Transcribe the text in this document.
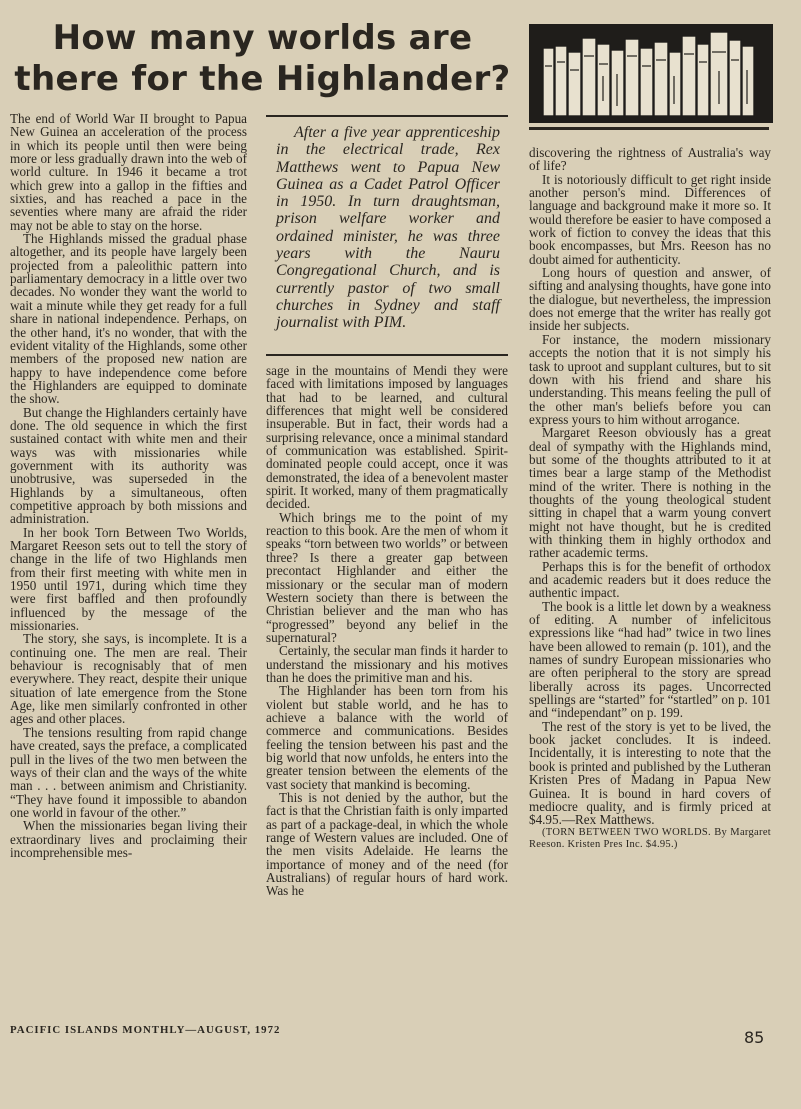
How many worlds are there for the Highlander?

The end of World War II brought to Papua New Guinea an acceleration of the process in which its people until then were being more or less gradually drawn into the web of world culture. In 1946 it became a trot which grew into a gallop in the fifties and sixties, and has reached a pace in the seventies where many are afraid the rider may not be able to stay on the horse.

The Highlands missed the gradual phase altogether, and its people have largely been projected from a paleolithic pattern into parliamentary democracy in a little over two decades. No wonder they want the world to wait a minute while they get ready for a full share in national independence. Perhaps, on the other hand, it's no wonder, that with the evident vitality of the Highlands, some other members of the proposed new nation are happy to have independence come before the Highlanders are equipped to dominate the show.

But change the Highlanders certainly have done. The old sequence in which the first sustained contact with white men and their ways was with missionaries while government with its authority was unobtrusive, was superseded in the Highlands by a simultaneous, often competitive approach by both missions and administration.

In her book Torn Between Two Worlds, Margaret Reeson sets out to tell the story of change in the life of two Highlands men from their first meeting with white men in 1950 until 1971, during which time they were first baffled and then profoundly influenced by the message of the missionaries.

The story, she says, is incomplete. It is a continuing one. The men are real. Their behaviour is recognisably that of men everywhere. They react, despite their unique situation of late emergence from the Stone Age, like men similarly confronted in other ages and other places.

The tensions resulting from rapid change have created, says the preface, a complicated pull in the lives of the two men between the ways of their clan and the ways of the white man . . . between animism and Christianity. “They have found it impossible to abandon one world in favour of the other.”

When the missionaries began living their extraordinary lives and proclaiming their incomprehensible mes-

After a five year apprenticeship in the electrical trade, Rex Matthews went to Papua New Guinea as a Cadet Patrol Officer in 1950. In turn draughtsman, prison welfare worker and ordained minister, he was three years with the Nauru Congregational Church, and is currently pastor of two small churches in Sydney and staff journalist with PIM.

sage in the mountains of Mendi they were faced with limitations imposed by languages that had to be learned, and cultural differences that might well be considered insuperable. But in fact, their words had a surprising relevance, once a minimal standard of communication was established. Spirit-dominated people could accept, once it was demonstrated, the idea of a benevolent master spirit. It worked, many of them pragmatically decided.

Which brings me to the point of my reaction to this book. Are the men of whom it speaks “torn between two worlds” or between three? Is there a greater gap between precontact Highlander and either the missionary or the secular man of modern Western society than there is between the Christian believer and the man who has “progressed” beyond any belief in the supernatural?

Certainly, the secular man finds it harder to understand the missionary and his motives than he does the primitive man and his.

The Highlander has been torn from his violent but stable world, and he has to achieve a balance with the world of commerce and communications. Besides feeling the tension between his past and the big world that now unfolds, he enters into the greater tension between the elements of the vast society that mankind is becoming.

This is not denied by the author, but the fact is that the Christian faith is only imparted as part of a package-deal, in which the whole range of Western values are included. One of the men visits Adelaide. He learns the importance of money and of the need (for Australians) of regular hours of hard work. Was he

discovering the rightness of Australia's way of life?

It is notoriously difficult to get right inside another person's mind. Differences of language and background make it more so. It would therefore be easier to have composed a work of fiction to convey the ideas that this book encompasses, but Mrs. Reeson has no doubt aimed for authenticity.

Long hours of question and answer, of sifting and analysing thoughts, have gone into the dialogue, but nevertheless, the impression does not emerge that the writer has really got inside her subjects.

For instance, the modern missionary accepts the notion that it is not simply his task to uproot and supplant cultures, but to sit down with his friend and share his understanding. This means feeling the pull of the other man's beliefs before you can express yours to him without arrogance.

Margaret Reeson obviously has a great deal of sympathy with the Highlands mind, but some of the thoughts attributed to it at times bear a large stamp of the Methodist mind of the writer. There is nothing in the thoughts of the young theological student sitting in chapel that a warm young convert might not have thought, but he is credited with thinking them in highly orthodox and rather academic terms.

Perhaps this is for the benefit of orthodox and academic readers but it does reduce the authentic impact.

The book is a little let down by a weakness of editing. A number of infelicitous expressions like “had had” twice in two lines have been allowed to remain (p. 101), and the names of sundry European missionaries who are often peripheral to the story are spread liberally across its pages. Uncorrected spellings are “started” for “startled” on p. 101 and “independant” on p. 199.

The rest of the story is yet to be lived, the book jacket concludes. It is indeed. Incidentally, it is interesting to note that the book is printed and published by the Lutheran Kristen Pres of Madang in Papua New Guinea. It is bound in hard covers of mediocre quality, and is firmly priced at $4.95.—Rex Matthews.

(TORN BETWEEN TWO WORLDS. By Margaret Reeson. Kristen Pres Inc. $4.95.)

PACIFIC ISLANDS MONTHLY—AUGUST, 1972	85
